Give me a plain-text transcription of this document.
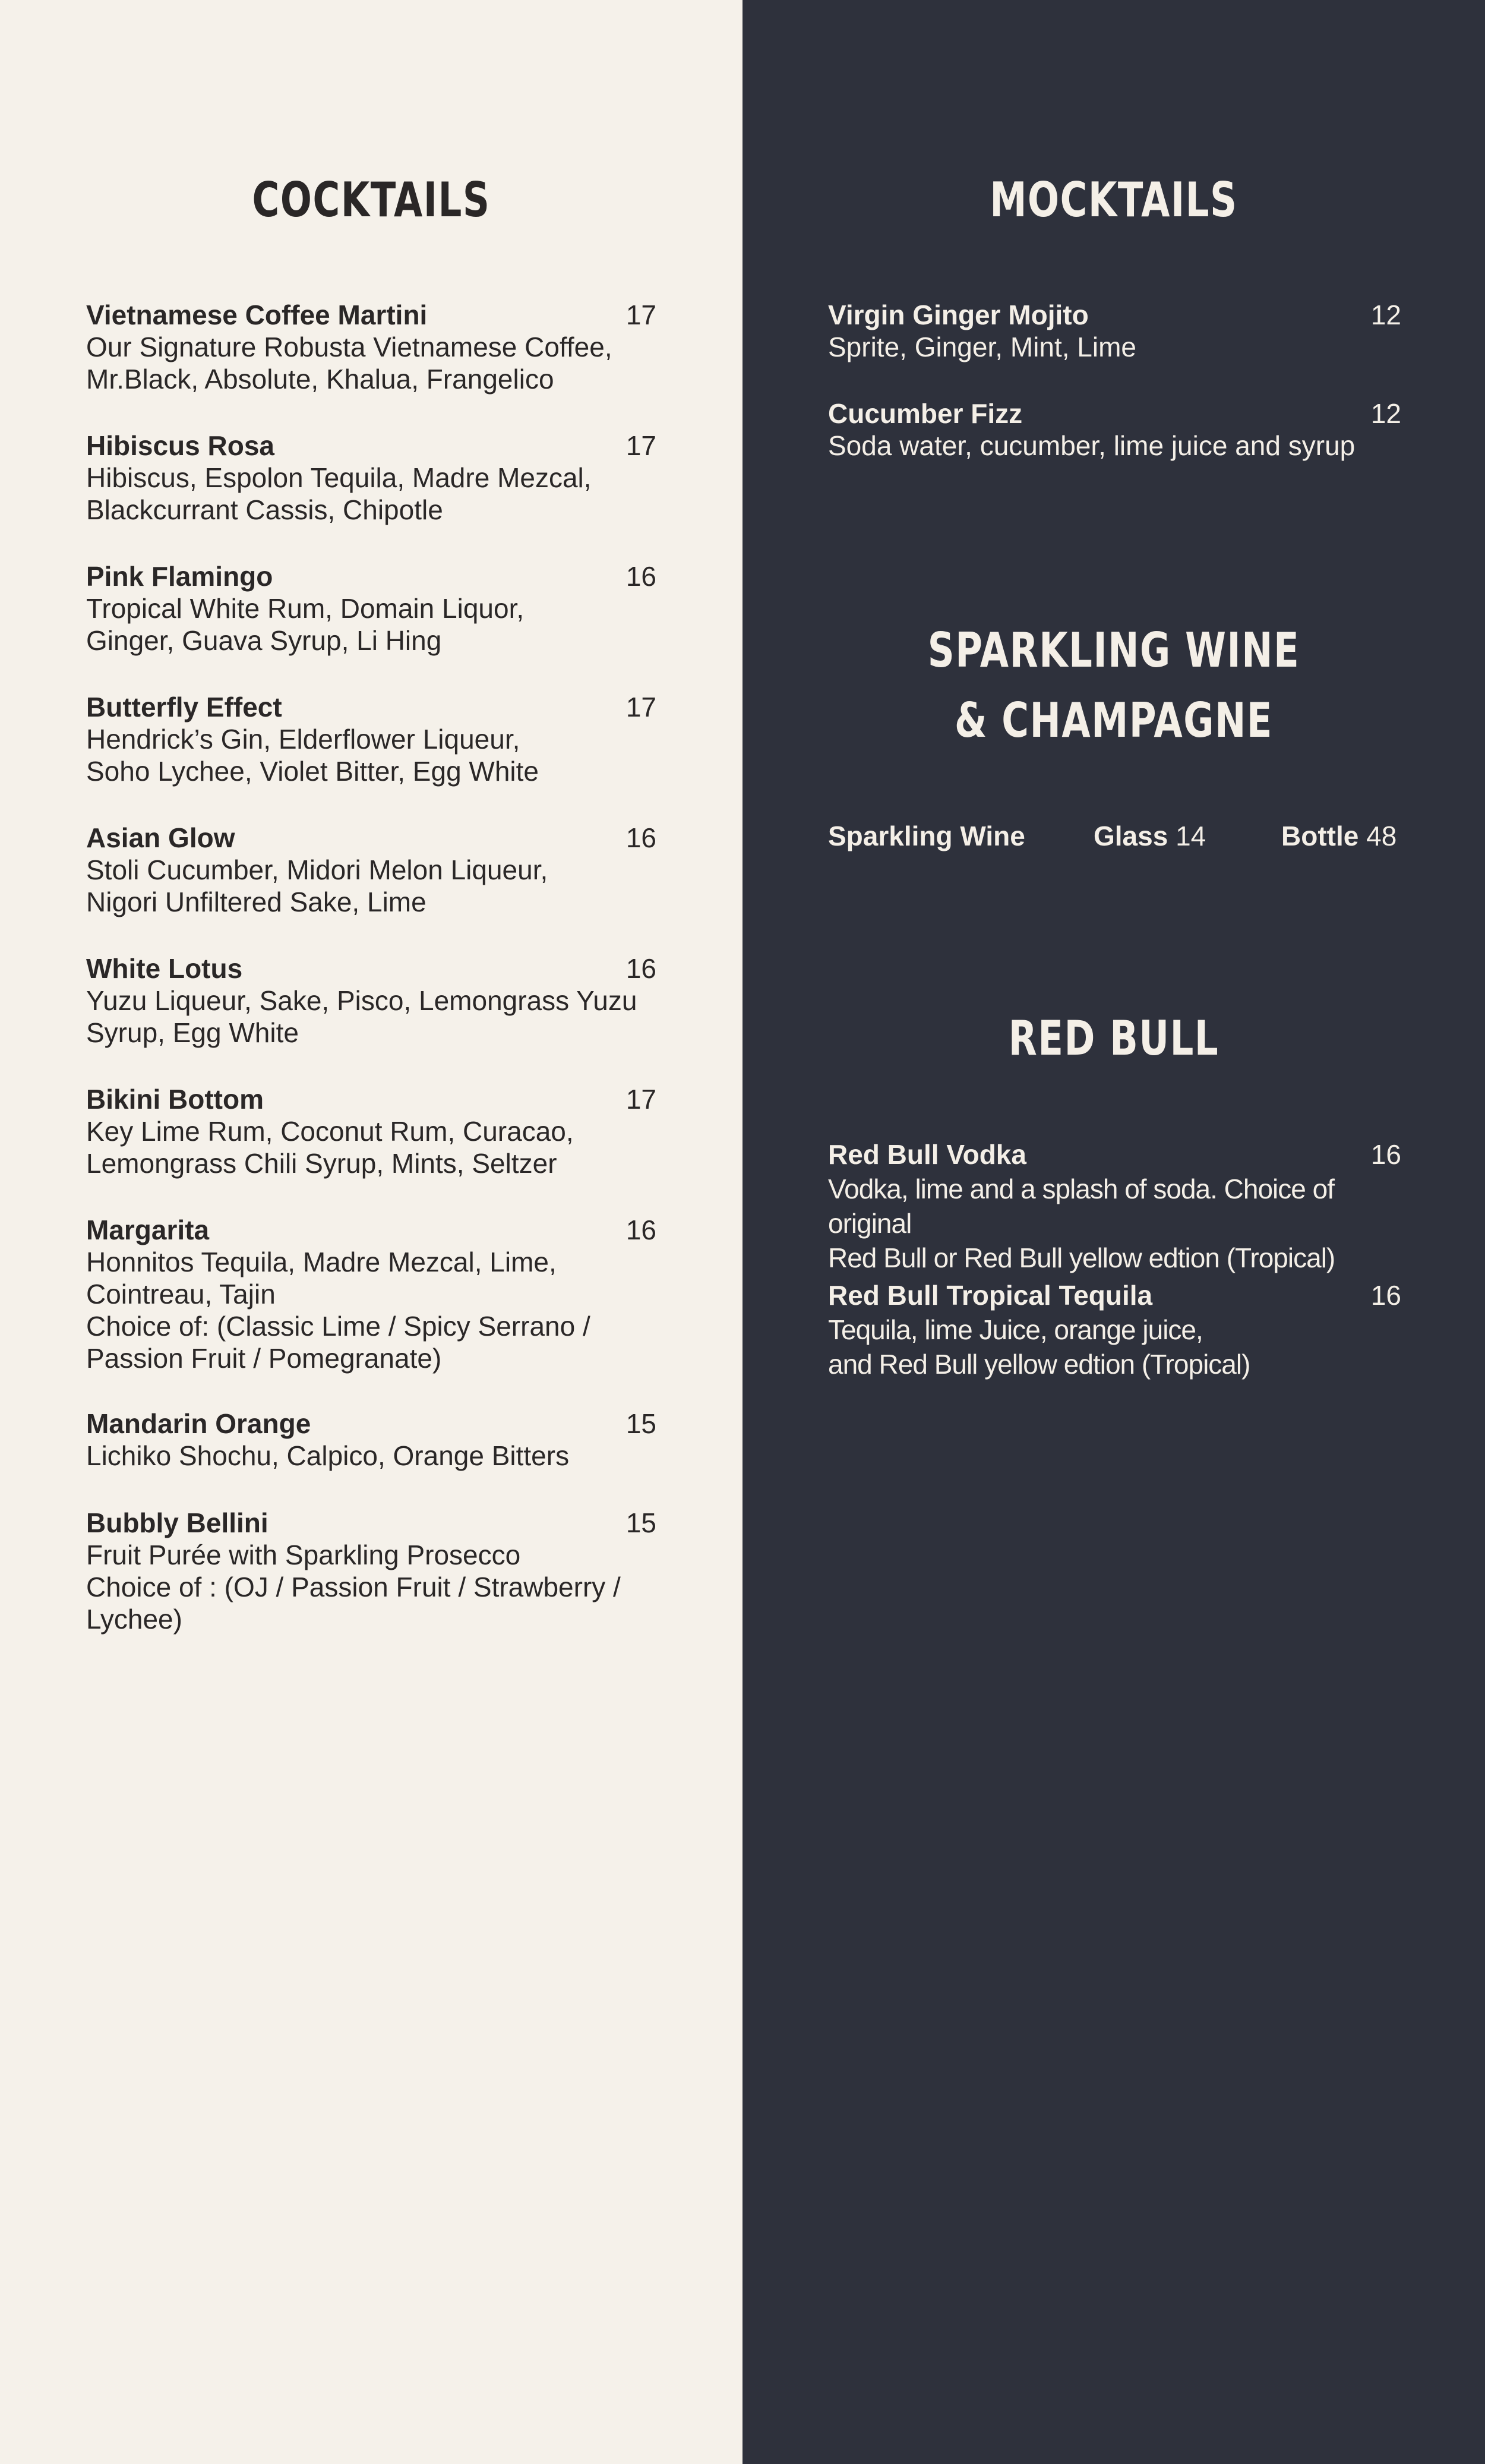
COCKTAILS
Vietnamese Coffee Martini	17
Our Signature Robusta Vietnamese Coffee,
Mr.Black, Absolute, Khalua, Frangelico
Hibiscus Rosa	17
Hibiscus, Espolon Tequila, Madre Mezcal,
Blackcurrant Cassis, Chipotle
Pink Flamingo	16
Tropical White Rum, Domain Liquor,
Ginger, Guava Syrup, Li Hing
Butterfly Effect	17
Hendrick’s Gin, Elderflower Liqueur,
Soho Lychee, Violet Bitter, Egg White
Asian Glow	16
Stoli Cucumber, Midori Melon Liqueur,
Nigori Unfiltered Sake, Lime
White Lotus	16
Yuzu Liqueur, Sake, Pisco, Lemongrass Yuzu
Syrup, Egg White
Bikini Bottom	17
Key Lime Rum, Coconut Rum, Curacao,
Lemongrass Chili Syrup, Mints, Seltzer
Margarita	16
Honnitos Tequila, Madre Mezcal, Lime,
Cointreau, Tajin
Choice of: (Classic Lime / Spicy Serrano /
Passion Fruit / Pomegranate)
Mandarin Orange	15
Lichiko Shochu, Calpico, Orange Bitters
Bubbly Bellini	15
Fruit Purée with Sparkling Prosecco
Choice of : (OJ / Passion Fruit / Strawberry /
Lychee)
MOCKTAILS
Virgin Ginger Mojito	12
Sprite, Ginger, Mint, Lime
Cucumber Fizz	12
Soda water, cucumber, lime juice and syrup
SPARKLING WINE
& CHAMPAGNE
Sparkling Wine	Glass 14	Bottle 48
RED BULL
Red Bull Vodka	16
Vodka, lime and a splash of soda. Choice of original
Red Bull or Red Bull yellow edtion (Tropical)
Red Bull Tropical Tequila	16
Tequila, lime Juice, orange juice,
and Red Bull yellow edtion (Tropical)
